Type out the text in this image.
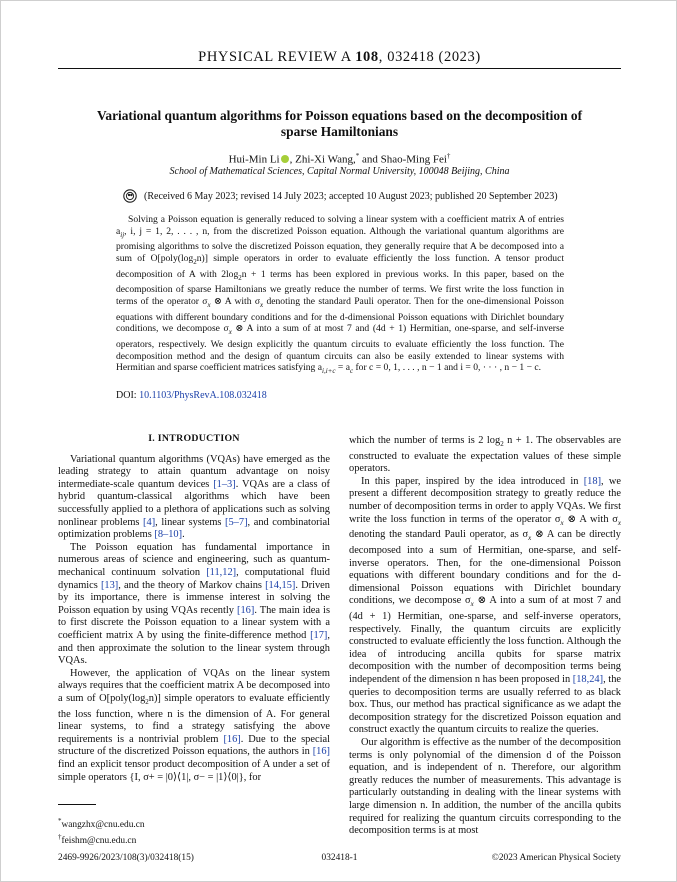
PHYSICAL REVIEW A 108, 032418 (2023)
Variational quantum algorithms for Poisson equations based on the decomposition of sparse Hamiltonians
Hui-Min Li , Zhi-Xi Wang,* and Shao-Ming Fei†
School of Mathematical Sciences, Capital Normal University, 100048 Beijing, China
(Received 6 May 2023; revised 14 July 2023; accepted 10 August 2023; published 20 September 2023)

Solving a Poisson equation is generally reduced to solving a linear system with a coefficient matrix A of entries $a_{ij}$, i, j = 1, 2, . . . , n, from the discretized Poisson equation. Although the variational quantum algorithms are promising algorithms to solve the discretized Poisson equation, they generally require that A be decomposed into a sum of $O[poly(\log_2n)]$ simple operators in order to evaluate efficiently the loss function. A tensor product decomposition of A with $2\log_2n + 1$ terms has been explored in previous works. In this paper, based on the decomposition of sparse Hamiltonians we greatly reduce the number of terms. We first write the loss function in terms of the operator $\sigma_x$ ⊗ A with $\sigma_x$ denoting the standard Pauli operator. Then for the one-dimensional Poisson equations with different boundary conditions and for the d-dimensional Poisson equations with Dirichlet boundary conditions, we decompose $\sigma_x$ ⊗ A into a sum of at most 7 and (4d + 1) Hermitian, one-sparse, and self-inverse operators, respectively. We design explicitly the quantum circuits to evaluate efficiently the loss function. The decomposition method and the design of quantum circuits can also be easily extended to linear systems with Hermitian and sparse coefficient matrices satisfying $a_{i,i+c} = a_c$ for c = 0, 1, . . . , n − 1 and i = 0, · · · , n − 1 − c.

DOI: 10.1103/PhysRevA.108.032418
I. INTRODUCTION

Variational quantum algorithms (VQAs) have emerged as the leading strategy to attain quantum advantage on noisy intermediate-scale quantum devices [1–3]. VQAs are a class of hybrid quantum-classical algorithms which have been successfully applied to a plethora of applications such as solving nonlinear problems [4], linear systems [5–7], and combinatorial optimization problems [8–10].

The Poisson equation has fundamental importance in numerous areas of science and engineering, such as quantum-mechanical continuum solvation [11,12], computational fluid dynamics [13], and the theory of Markov chains [14,15]. Driven by its importance, there is immense interest in solving the Poisson equation by using VQAs recently [16]. The main idea is to first discrete the Poisson equation to a linear system with a coefficient matrix A by using the finite-difference method [17], and then approximate the solution to the linear system through VQAs.

However, the application of VQAs on the linear system always requires that the coefficient matrix A be decomposed into a sum of $O[poly(\log_2n)]$ simple operators to evaluate efficiently the loss function, where n is the dimension of A. For general linear systems, to find a strategy satisfying the above requirements is a nontrivial problem [16]. Due to the special structure of the discretized Poisson equations, the authors in [16] find an explicit tensor product decomposition of A under a set of simple operators {I, σ+ = |0⟩⟨1|, σ− = |1⟩⟨0|}, for

which the number of terms is 2 $\log_2 n + 1$. The observables are constructed to evaluate the expectation values of these simple operators.

In this paper, inspired by the idea introduced in [18], we present a different decomposition strategy to greatly reduce the number of decomposition terms in order to apply VQAs. We first write the loss function in terms of the operator $\sigma_x$ ⊗ A with $\sigma_x$ denoting the standard Pauli operator, as $\sigma_x$ ⊗ A can be directly decomposed into a sum of Hermitian, one-sparse, and self-inverse operators. Then, for the one-dimensional Poisson equations with different boundary conditions and for the d-dimensional Poisson equations with Dirichlet boundary conditions, we decompose $\sigma_x$ ⊗ A into a sum of at most 7 and (4d + 1) Hermitian, one-sparse, and self-inverse operators, respectively. Finally, the quantum circuits are explicitly constructed to evaluate efficiently the loss function. Although the idea of introducing ancilla qubits for sparse matrix decomposition with the number of decomposition terms being independent of the dimension n has been proposed in [18,24], the queries to decomposition terms are usually referred to as black box. Thus, our method has practical significance as we adapt the decomposition strategy for the discretized Poisson equation and construct exactly the quantum circuits to realize the queries.

Our algorithm is effective as the number of the decomposition terms is only polynomial of the dimension d of the Poisson equation, and is independent of n. Therefore, our algorithm greatly reduces the number of measurements. This advantage is particularly outstanding in dealing with the linear systems with large dimension n. In addition, the number of the ancilla qubits required for realizing the quantum circuits corresponding to the decomposition terms is at most

*wangzhx@cnu.edu.cn
†feishm@cnu.edu.cn
2469-9926/2023/108(3)/032418(15)	032418-1	©2023 American Physical Society
